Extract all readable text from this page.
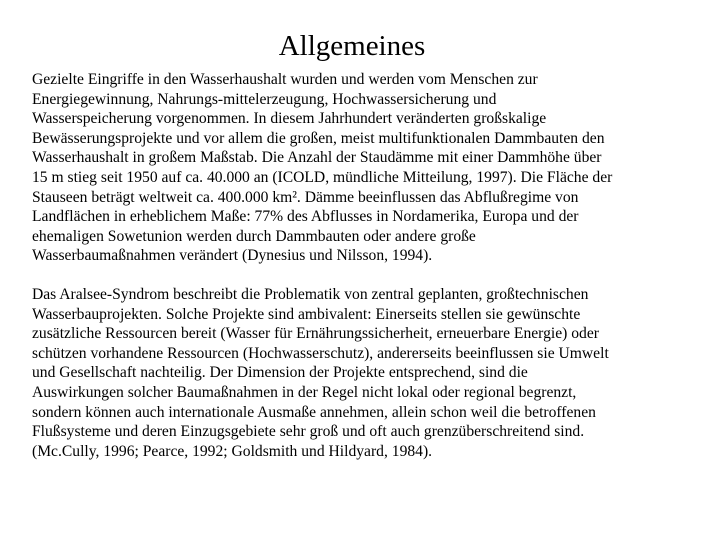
Allgemeines

Gezielte Eingriffe in den Wasserhaushalt wurden und werden vom Menschen zur
Energiegewinnung, Nahrungs-mittelerzeugung, Hochwassersicherung und
Wasserspeicherung vorgenommen. In diesem Jahrhundert veränderten großskalige
Bewässerungsprojekte und vor allem die großen, meist multifunktionalen Dammbauten den
Wasserhaushalt in großem Maßstab. Die Anzahl der Staudämme mit einer Dammhöhe über
15 m stieg seit 1950 auf ca. 40.000 an (ICOLD, mündliche Mitteilung, 1997). Die Fläche der
Stauseen beträgt weltweit ca. 400.000 km². Dämme beeinflussen das Abflußregime von
Landflächen in erheblichem Maße: 77% des Abflusses in Nordamerika, Europa und der
ehemaligen Sowetunion werden durch Dammbauten oder andere große
Wasserbaumaßnahmen verändert (Dynesius und Nilsson, 1994).

Das Aralsee-Syndrom beschreibt die Problematik von zentral geplanten, großtechnischen
Wasserbauprojekten. Solche Projekte sind ambivalent: Einerseits stellen sie gewünschte
zusätzliche Ressourcen bereit (Wasser für Ernährungssicherheit, erneuerbare Energie) oder
schützen vorhandene Ressourcen (Hochwasserschutz), andererseits beeinflussen sie Umwelt
und Gesellschaft nachteilig. Der Dimension der Projekte entsprechend, sind die
Auswirkungen solcher Baumaßnahmen in der Regel nicht lokal oder regional begrenzt,
sondern können auch internationale Ausmaße annehmen, allein schon weil die betroffenen
Flußsysteme und deren Einzugsgebiete sehr groß und oft auch grenzüberschreitend sind.
(Mc.Cully, 1996; Pearce, 1992; Goldsmith und Hildyard, 1984).
